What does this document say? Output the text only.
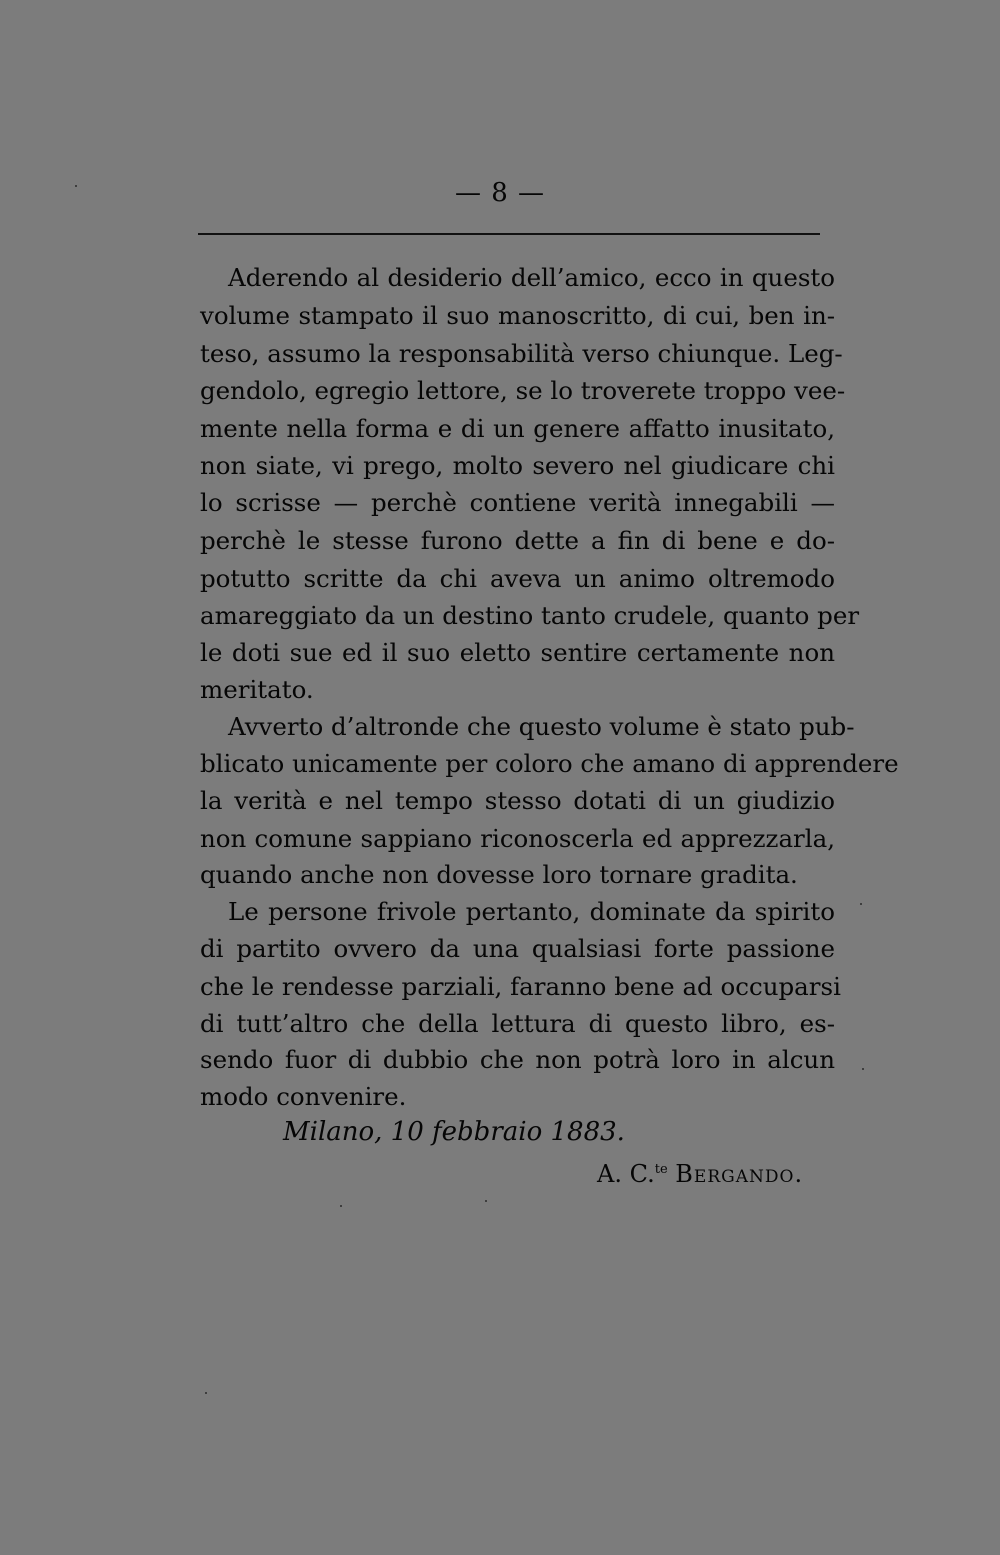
— 8 —
Aderendo al desiderio dell’amico, ecco in questo
volume stampato il suo manoscritto, di cui, ben in-
teso, assumo la responsabilità verso chiunque. Leg-
gendolo, egregio lettore, se lo troverete troppo vee-
mente nella forma e di un genere affatto inusitato,
non siate, vi prego, molto severo nel giudicare chi
lo scrisse — perchè contiene verità innegabili —
perchè le stesse furono dette a fin di bene e do-
potutto scritte da chi aveva un animo oltremodo
amareggiato da un destino tanto crudele, quanto per
le doti sue ed il suo eletto sentire certamente non
meritato.
Avverto d’altronde che questo volume è stato pub-
blicato unicamente per coloro che amano di apprendere
la verità e nel tempo stesso dotati di un giudizio
non comune sappiano riconoscerla ed apprezzarla,
quando anche non dovesse loro tornare gradita.
Le persone frivole pertanto, dominate da spirito
di partito ovvero da una qualsiasi forte passione
che le rendesse parziali, faranno bene ad occuparsi
di tutt’altro che della lettura di questo libro, es-
sendo fuor di dubbio che non potrà loro in alcun
modo convenire.
Milano, 10 febbraio 1883.
A. C.$^{te}$ Bergando.
